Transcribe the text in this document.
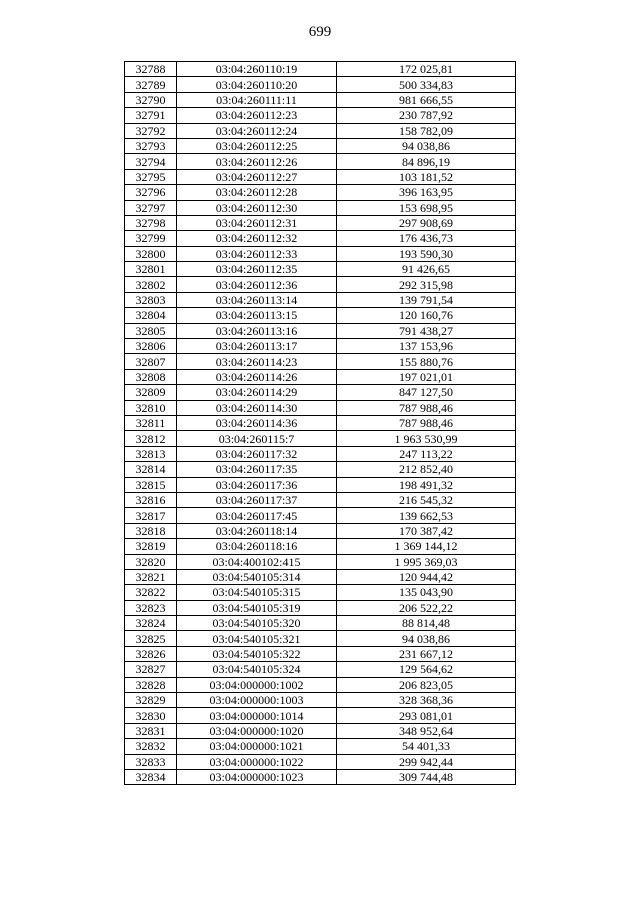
699
32788	03:04:260110:19	172 025,81
32789	03:04:260110:20	500 334,83
32790	03:04:260111:11	981 666,55
32791	03:04:260112:23	230 787,92
32792	03:04:260112:24	158 782,09
32793	03:04:260112:25	94 038,86
32794	03:04:260112:26	84 896,19
32795	03:04:260112:27	103 181,52
32796	03:04:260112:28	396 163,95
32797	03:04:260112:30	153 698,95
32798	03:04:260112:31	297 908,69
32799	03:04:260112:32	176 436,73
32800	03:04:260112:33	193 590,30
32801	03:04:260112:35	91 426,65
32802	03:04:260112:36	292 315,98
32803	03:04:260113:14	139 791,54
32804	03:04:260113:15	120 160,76
32805	03:04:260113:16	791 438,27
32806	03:04:260113:17	137 153,96
32807	03:04:260114:23	155 880,76
32808	03:04:260114:26	197 021,01
32809	03:04:260114:29	847 127,50
32810	03:04:260114:30	787 988,46
32811	03:04:260114:36	787 988,46
32812	03:04:260115:7	1 963 530,99
32813	03:04:260117:32	247 113,22
32814	03:04:260117:35	212 852,40
32815	03:04:260117:36	198 491,32
32816	03:04:260117:37	216 545,32
32817	03:04:260117:45	139 662,53
32818	03:04:260118:14	170 387,42
32819	03:04:260118:16	1 369 144,12
32820	03:04:400102:415	1 995 369,03
32821	03:04:540105:314	120 944,42
32822	03:04:540105:315	135 043,90
32823	03:04:540105:319	206 522,22
32824	03:04:540105:320	88 814,48
32825	03:04:540105:321	94 038,86
32826	03:04:540105:322	231 667,12
32827	03:04:540105:324	129 564,62
32828	03:04:000000:1002	206 823,05
32829	03:04:000000:1003	328 368,36
32830	03:04:000000:1014	293 081,01
32831	03:04:000000:1020	348 952,64
32832	03:04:000000:1021	54 401,33
32833	03:04:000000:1022	299 942,44
32834	03:04:000000:1023	309 744,48
